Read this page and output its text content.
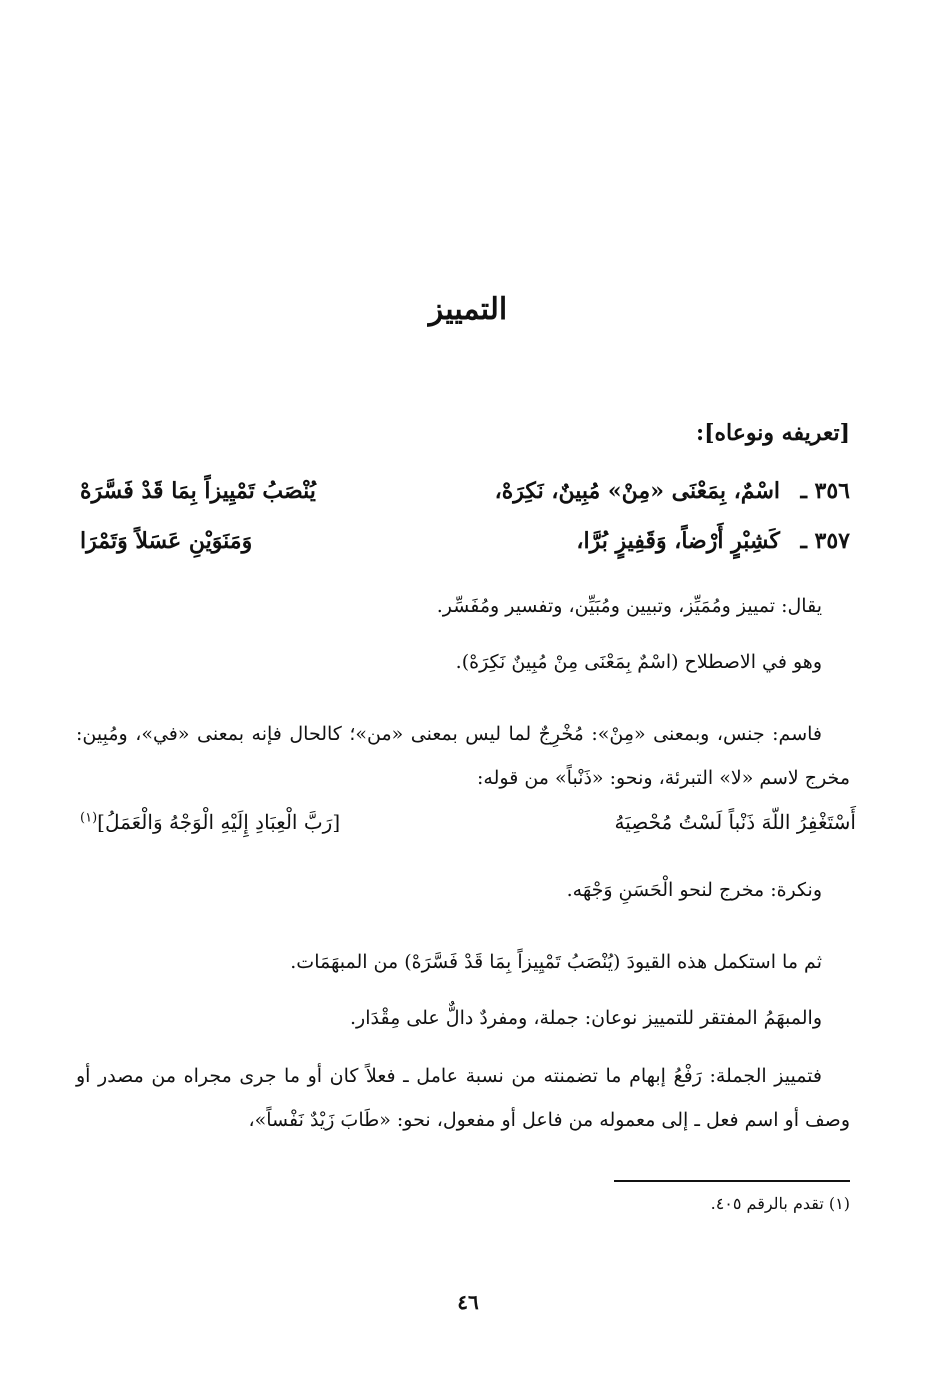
التمييز
[تعريفه ونوعاه]:
٣٥٦ ـ
اسْمٌ، بِمَعْنَى «مِنْ» مُبِينٌ، نَكِرَهْ،
يُنْصَبُ تَمْيِيزاً بِمَا قَدْ فَسَّرَهْ
٣٥٧ ـ
كَشِبْرٍ أَرْضاً، وَقَفِيزٍ بُرَّا،
وَمَنَوَيْنِ عَسَلاً وَتَمْرَا
يقال: تمييز ومُمَيِّز، وتبيين ومُبَيِّن، وتفسير ومُفَسِّر.
وهو في الاصطلاح (اسْمٌ بِمَعْنَى مِنْ مُبِينٌ نَكِرَهْ).
فاسم: جنس، وبمعنى «مِنْ»: مُخْرِجٌ لما ليس بمعنى «من»؛ كالحال فإنه بمعنى «في»، ومُبِين: مخرج لاسم «لا» التبرئة، ونحو: «ذَنْباً» من قوله:
أَسْتَغْفِرُ اللّهَ ذَنْباً لَسْتُ مُحْصِيَهُ
[رَبَّ الْعِبَادِ إِلَيْهِ الْوَجْهُ وَالْعَمَلُ]$^{(١)}$
ونكرة: مخرج لنحو الْحَسَنِ وَجْهَه.
ثم ما استكمل هذه القيودَ (يُنْصَبُ تَمْيِيزاً بِمَا قَدْ فَسَّرَهْ) من المبهَمَات.
والمبهَمُ المفتقر للتمييز نوعان: جملة، ومفردٌ دالٌّ على مِقْدَار.
فتمييز الجملة: رَفْعُ إبهام ما تضمنته من نسبة عامل ـ فعلاً كان أو ما جرى مجراه من مصدر أو وصف أو اسم فعل ـ إلى معموله من فاعل أو مفعول، نحو: «طَابَ زَيْدٌ نَفْساً»،
(١) تقدم بالرقم ٤٠٥.
٤٦
